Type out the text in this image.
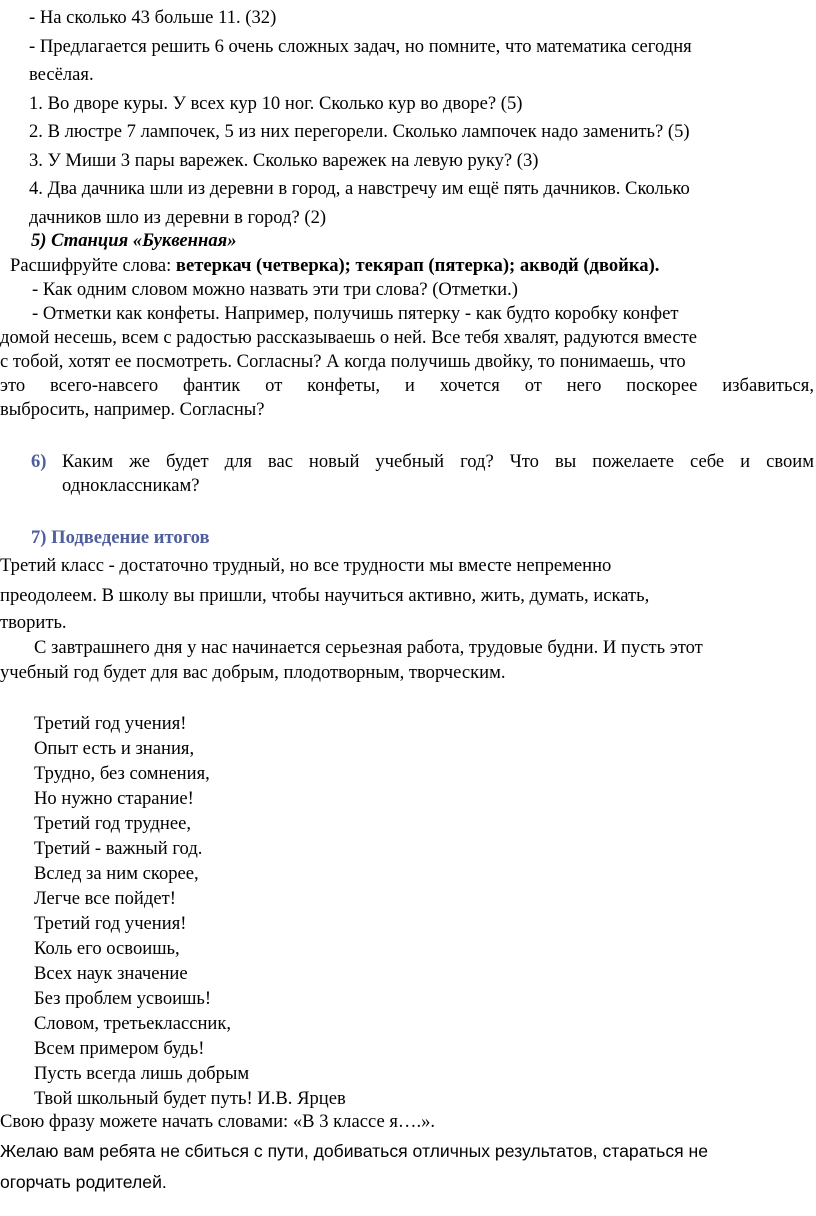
- На сколько 43 больше 11. (32)
- Предлагается решить 6 очень сложных задач, но помните, что математика сегодня
весёлая.
1. Во дворе куры. У всех кур 10 ног. Сколько кур во дворе? (5)
2. В люстре 7 лампочек, 5 из них перегорели. Сколько лампочек надо заменить? (5)
3. У Миши 3 пары варежек. Сколько варежек на левую руку? (3)
4. Два дачника шли из деревни в город, а навстречу им ещё пять дачников. Сколько
дачников шло из деревни в город? (2)
5) Станция «Буквенная»
Расшифруйте слова: ветеркач (четверка); текярап (пятерка); акводй (двойка).
- Как одним словом можно назвать эти три слова? (Отметки.)
- Отметки как конфеты. Например, получишь пятерку - как будто коробку конфет
домой несешь, всем с радостью рассказываешь о ней. Все тебя хвалят, радуются вместе
с тобой, хотят ее посмотреть. Согласны? А когда получишь двойку, то понимаешь, что
это всего-навсего фантик от конфеты, и хочется от него поскорее избавиться,
выбросить, например. Согласны?
6) Каким же будет для вас новый учебный год? Что вы пожелаете себе и своим
одноклассникам?
7) Подведение итогов
Третий класс - достаточно трудный, но все трудности мы вместе непременно
преодолеем. В школу вы пришли, чтобы научиться активно, жить, думать, искать,
творить.
С завтрашнего дня у нас начинается серьезная работа, трудовые будни. И пусть этот
учебный год будет для вас добрым, плодотворным, творческим.
Третий год учения!
Опыт есть и знания,
Трудно, без сомнения,
Но нужно старание!
Третий год труднее,
Третий - важный год.
Вслед за ним скорее,
Легче все пойдет!
Третий год учения!
Коль его освоишь,
Всех наук значение
Без проблем усвоишь!
Словом, третьеклассник,
Всем примером будь!
Пусть всегда лишь добрым
Твой школьный будет путь! И.В. Ярцев
Свою фразу можете начать словами: «В 3 классе я….».
Желаю вам ребята не сбиться с пути, добиваться отличных результатов, стараться не
огорчать родителей.
